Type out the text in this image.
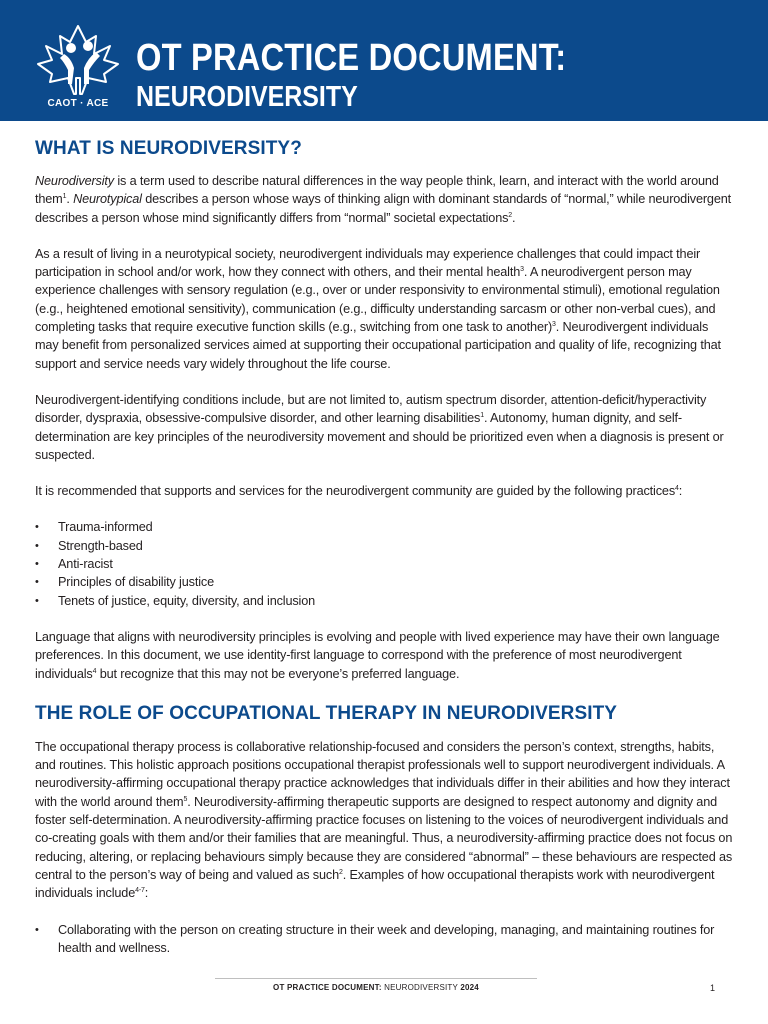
CAOT · ACE
OT PRACTICE DOCUMENT:
NEURODIVERSITY
WHAT IS NEURODIVERSITY?

Neurodiversity is a term used to describe natural differences in the way people think, learn, and interact with the world around them$^1$. Neurotypical describes a person whose ways of thinking align with dominant standards of “normal,” while neurodivergent describes a person whose mind significantly differs from “normal” societal expectations$^2$.

As a result of living in a neurotypical society, neurodivergent individuals may experience challenges that could impact their participation in school and/or work, how they connect with others, and their mental health$^3$. A neurodivergent person may experience challenges with sensory regulation (e.g., over or under responsivity to environmental stimuli), emotional regulation (e.g., heightened emotional sensitivity), communication (e.g., difficulty understanding sarcasm or other non-verbal cues), and completing tasks that require executive function skills (e.g., switching from one task to another)$^3$. Neurodivergent individuals may benefit from personalized services aimed at supporting their occupational participation and quality of life, recognizing that support and service needs vary widely throughout the life course.

Neurodivergent-identifying conditions include, but are not limited to, autism spectrum disorder, attention-deficit/hyperactivity disorder, dyspraxia, obsessive-compulsive disorder, and other learning disabilities$^1$. Autonomy, human dignity, and self-determination are key principles of the neurodiversity movement and should be prioritized even when a diagnosis is present or suspected.

It is recommended that supports and services for the neurodivergent community are guided by the following practices$^4$:

• Trauma-informed
• Strength-based
• Anti-racist
• Principles of disability justice
• Tenets of justice, equity, diversity, and inclusion

Language that aligns with neurodiversity principles is evolving and people with lived experience may have their own language preferences. In this document, we use identity-first language to correspond with the preference of most neurodivergent individuals$^4$ but recognize that this may not be everyone’s preferred language.

THE ROLE OF OCCUPATIONAL THERAPY IN NEURODIVERSITY

The occupational therapy process is collaborative relationship-focused and considers the person’s context, strengths, habits, and routines. This holistic approach positions occupational therapist professionals well to support neurodivergent individuals. A neurodiversity-affirming occupational therapy practice acknowledges that individuals differ in their abilities and how they interact with the world around them$^5$. Neurodiversity-affirming therapeutic supports are designed to respect autonomy and dignity and foster self-determination. A neurodiversity-affirming practice focuses on listening to the voices of neurodivergent individuals and co-creating goals with them and/or their families that are meaningful. Thus, a neurodiversity-affirming practice does not focus on reducing, altering, or replacing behaviours simply because they are considered “abnormal” – these behaviours are respected as central to the person’s way of being and valued as such$^2$. Examples of how occupational therapists work with neurodivergent individuals include$^{4-7}$:

• Collaborating with the person on creating structure in their week and developing, managing, and maintaining routines for health and wellness.
OT PRACTICE DOCUMENT: NEURODIVERSITY 2024	1
